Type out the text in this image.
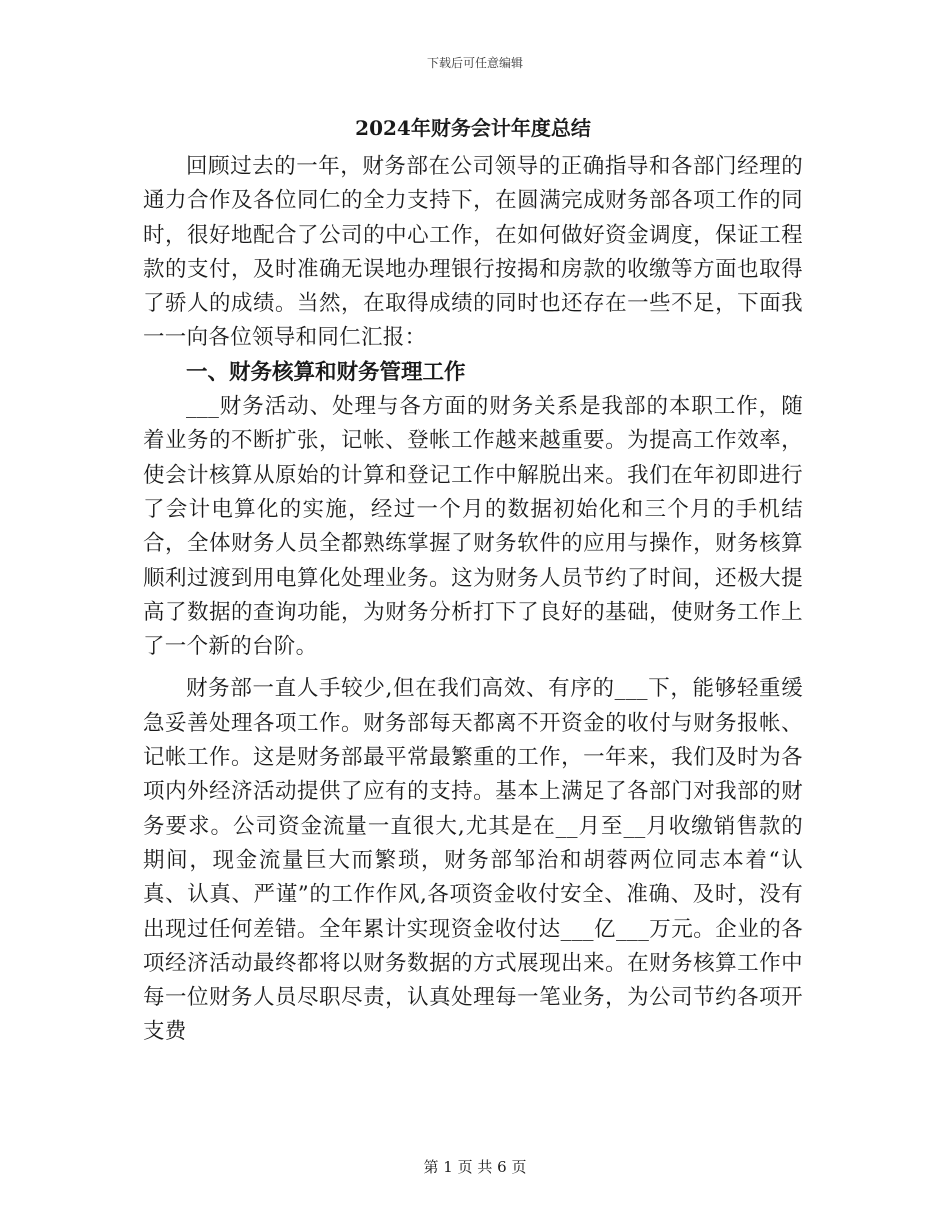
下载后可任意编辑
2024年财务会计年度总结

回顾过去的一年，财务部在公司领导的正确指导和各部门经理的通力合作及各位同仁的全力支持下，在圆满完成财务部各项工作的同时，很好地配合了公司的中心工作，在如何做好资金调度，保证工程款的支付，及时准确无误地办理银行按揭和房款的收缴等方面也取得了骄人的成绩。当然，在取得成绩的同时也还存在一些不足，下面我一一向各位领导和同仁汇报：

一、财务核算和财务管理工作

___财务活动、处理与各方面的财务关系是我部的本职工作，随着业务的不断扩张，记帐、登帐工作越来越重要。为提高工作效率，使会计核算从原始的计算和登记工作中解脱出来。我们在年初即进行了会计电算化的实施，经过一个月的数据初始化和三个月的手机结合，全体财务人员全都熟练掌握了财务软件的应用与操作，财务核算顺利过渡到用电算化处理业务。这为财务人员节约了时间，还极大提高了数据的查询功能，为财务分析打下了良好的基础，使财务工作上了一个新的台阶。

财务部一直人手较少,但在我们高效、有序的___下，能够轻重缓急妥善处理各项工作。财务部每天都离不开资金的收付与财务报帐、记帐工作。这是财务部最平常最繁重的工作，一年来，我们及时为各项内外经济活动提供了应有的支持。基本上满足了各部门对我部的财务要求。公司资金流量一直很大,尤其是在__月至__月收缴销售款的期间，现金流量巨大而繁琐，财务部邹治和胡蓉两位同志本着“认真、认真、严谨”的工作作风,各项资金收付安全、准确、及时，没有出现过任何差错。全年累计实现资金收付达___亿___万元。企业的各项经济活动最终都将以财务数据的方式展现出来。在财务核算工作中每一位财务人员尽职尽责，认真处理每一笔业务，为公司节约各项开支费

第 1 页 共 6 页
